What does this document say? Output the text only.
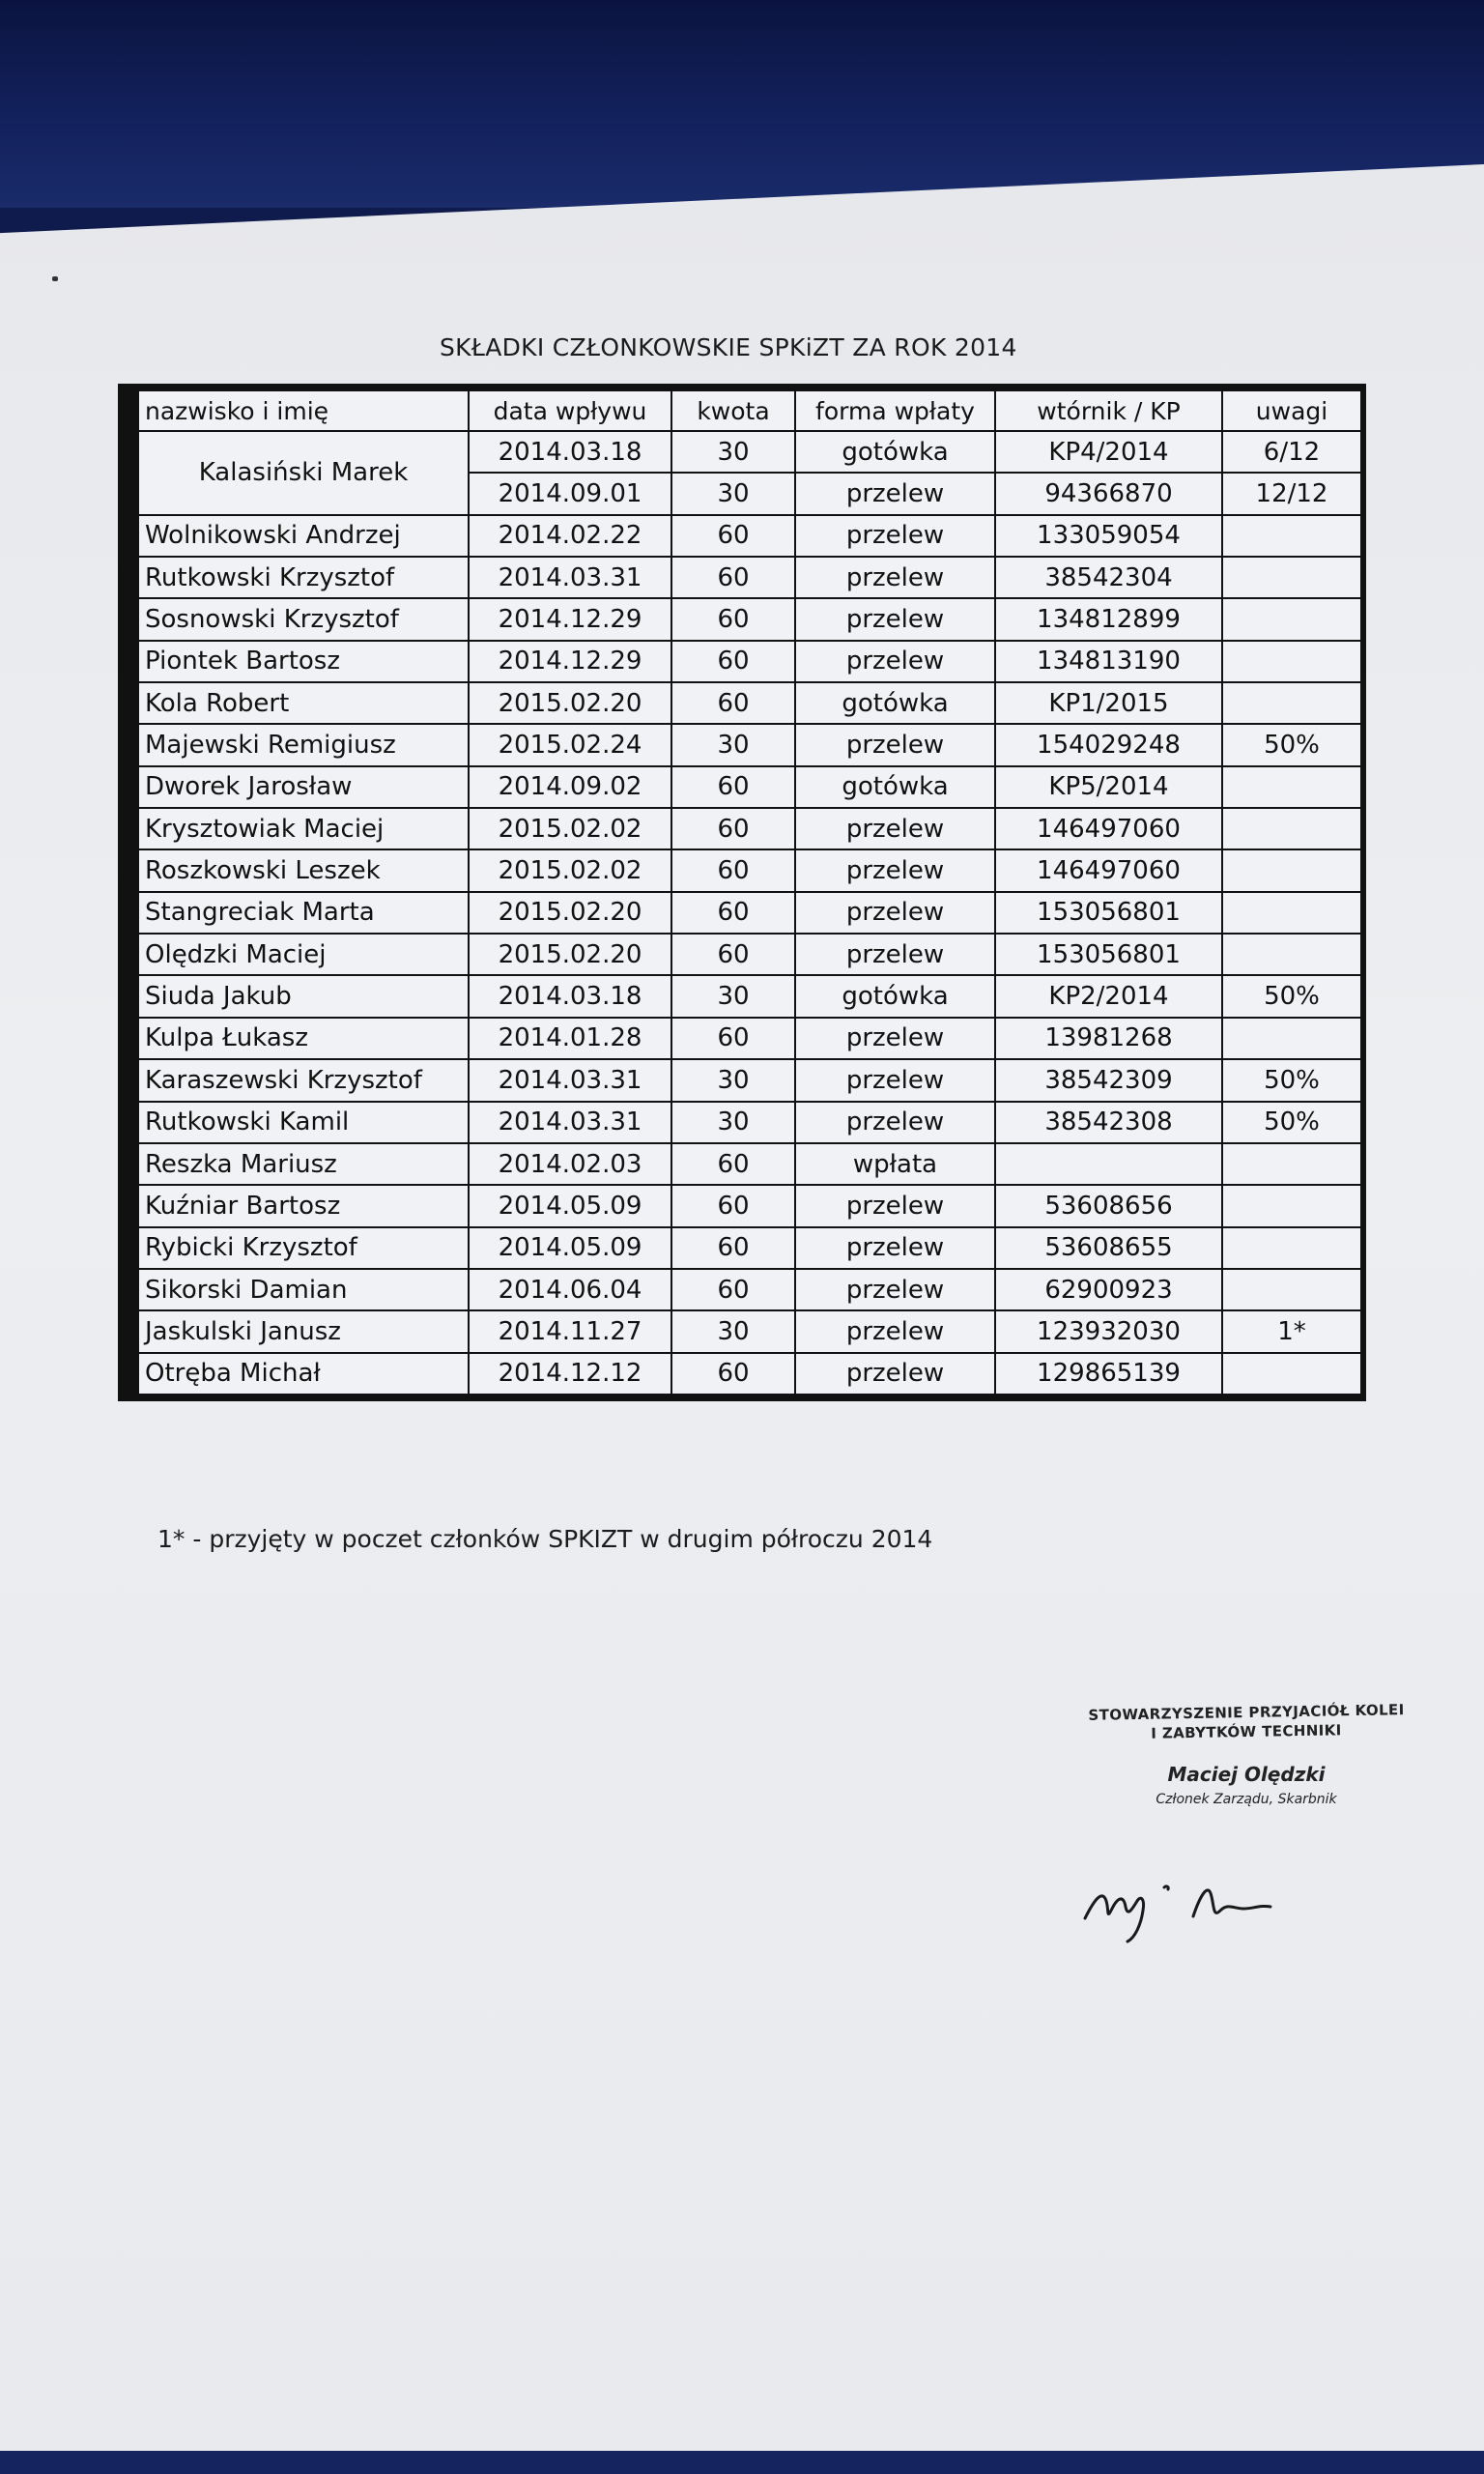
SKŁADKI CZŁONKOWSKIE SPKiZT ZA ROK 2014
nazwisko i imię	data wpływu	kwota	forma wpłaty	wtórnik / KP	uwagi
Kalasiński Marek	2014.03.18	30	gotówka	KP4/2014	6/12
	2014.09.01	30	przelew	94366870	12/12
Wolnikowski Andrzej	2014.02.22	60	przelew	133059054	
Rutkowski Krzysztof	2014.03.31	60	przelew	38542304	
Sosnowski Krzysztof	2014.12.29	60	przelew	134812899	
Piontek Bartosz	2014.12.29	60	przelew	134813190	
Kola Robert	2015.02.20	60	gotówka	KP1/2015	
Majewski Remigiusz	2015.02.24	30	przelew	154029248	50%
Dworek Jarosław	2014.09.02	60	gotówka	KP5/2014	
Krysztowiak Maciej	2015.02.02	60	przelew	146497060	
Roszkowski Leszek	2015.02.02	60	przelew	146497060	
Stangreciak Marta	2015.02.20	60	przelew	153056801	
Olędzki Maciej	2015.02.20	60	przelew	153056801	
Siuda Jakub	2014.03.18	30	gotówka	KP2/2014	50%
Kulpa Łukasz	2014.01.28	60	przelew	13981268	
Karaszewski Krzysztof	2014.03.31	30	przelew	38542309	50%
Rutkowski Kamil	2014.03.31	30	przelew	38542308	50%
Reszka Mariusz	2014.02.03	60	wpłata		
Kuźniar Bartosz	2014.05.09	60	przelew	53608656	
Rybicki Krzysztof	2014.05.09	60	przelew	53608655	
Sikorski Damian	2014.06.04	60	przelew	62900923	
Jaskulski Janusz	2014.11.27	30	przelew	123932030	1*
Otręba Michał	2014.12.12	60	przelew	129865139	
1* - przyjęty w poczet członków SPKIZT w drugim półroczu 2014
STOWARZYSZENIE PRZYJACIÓŁ KOLEI
I ZABYTKÓW TECHNIKI
Maciej Olędzki
Członek Zarządu, Skarbnik
